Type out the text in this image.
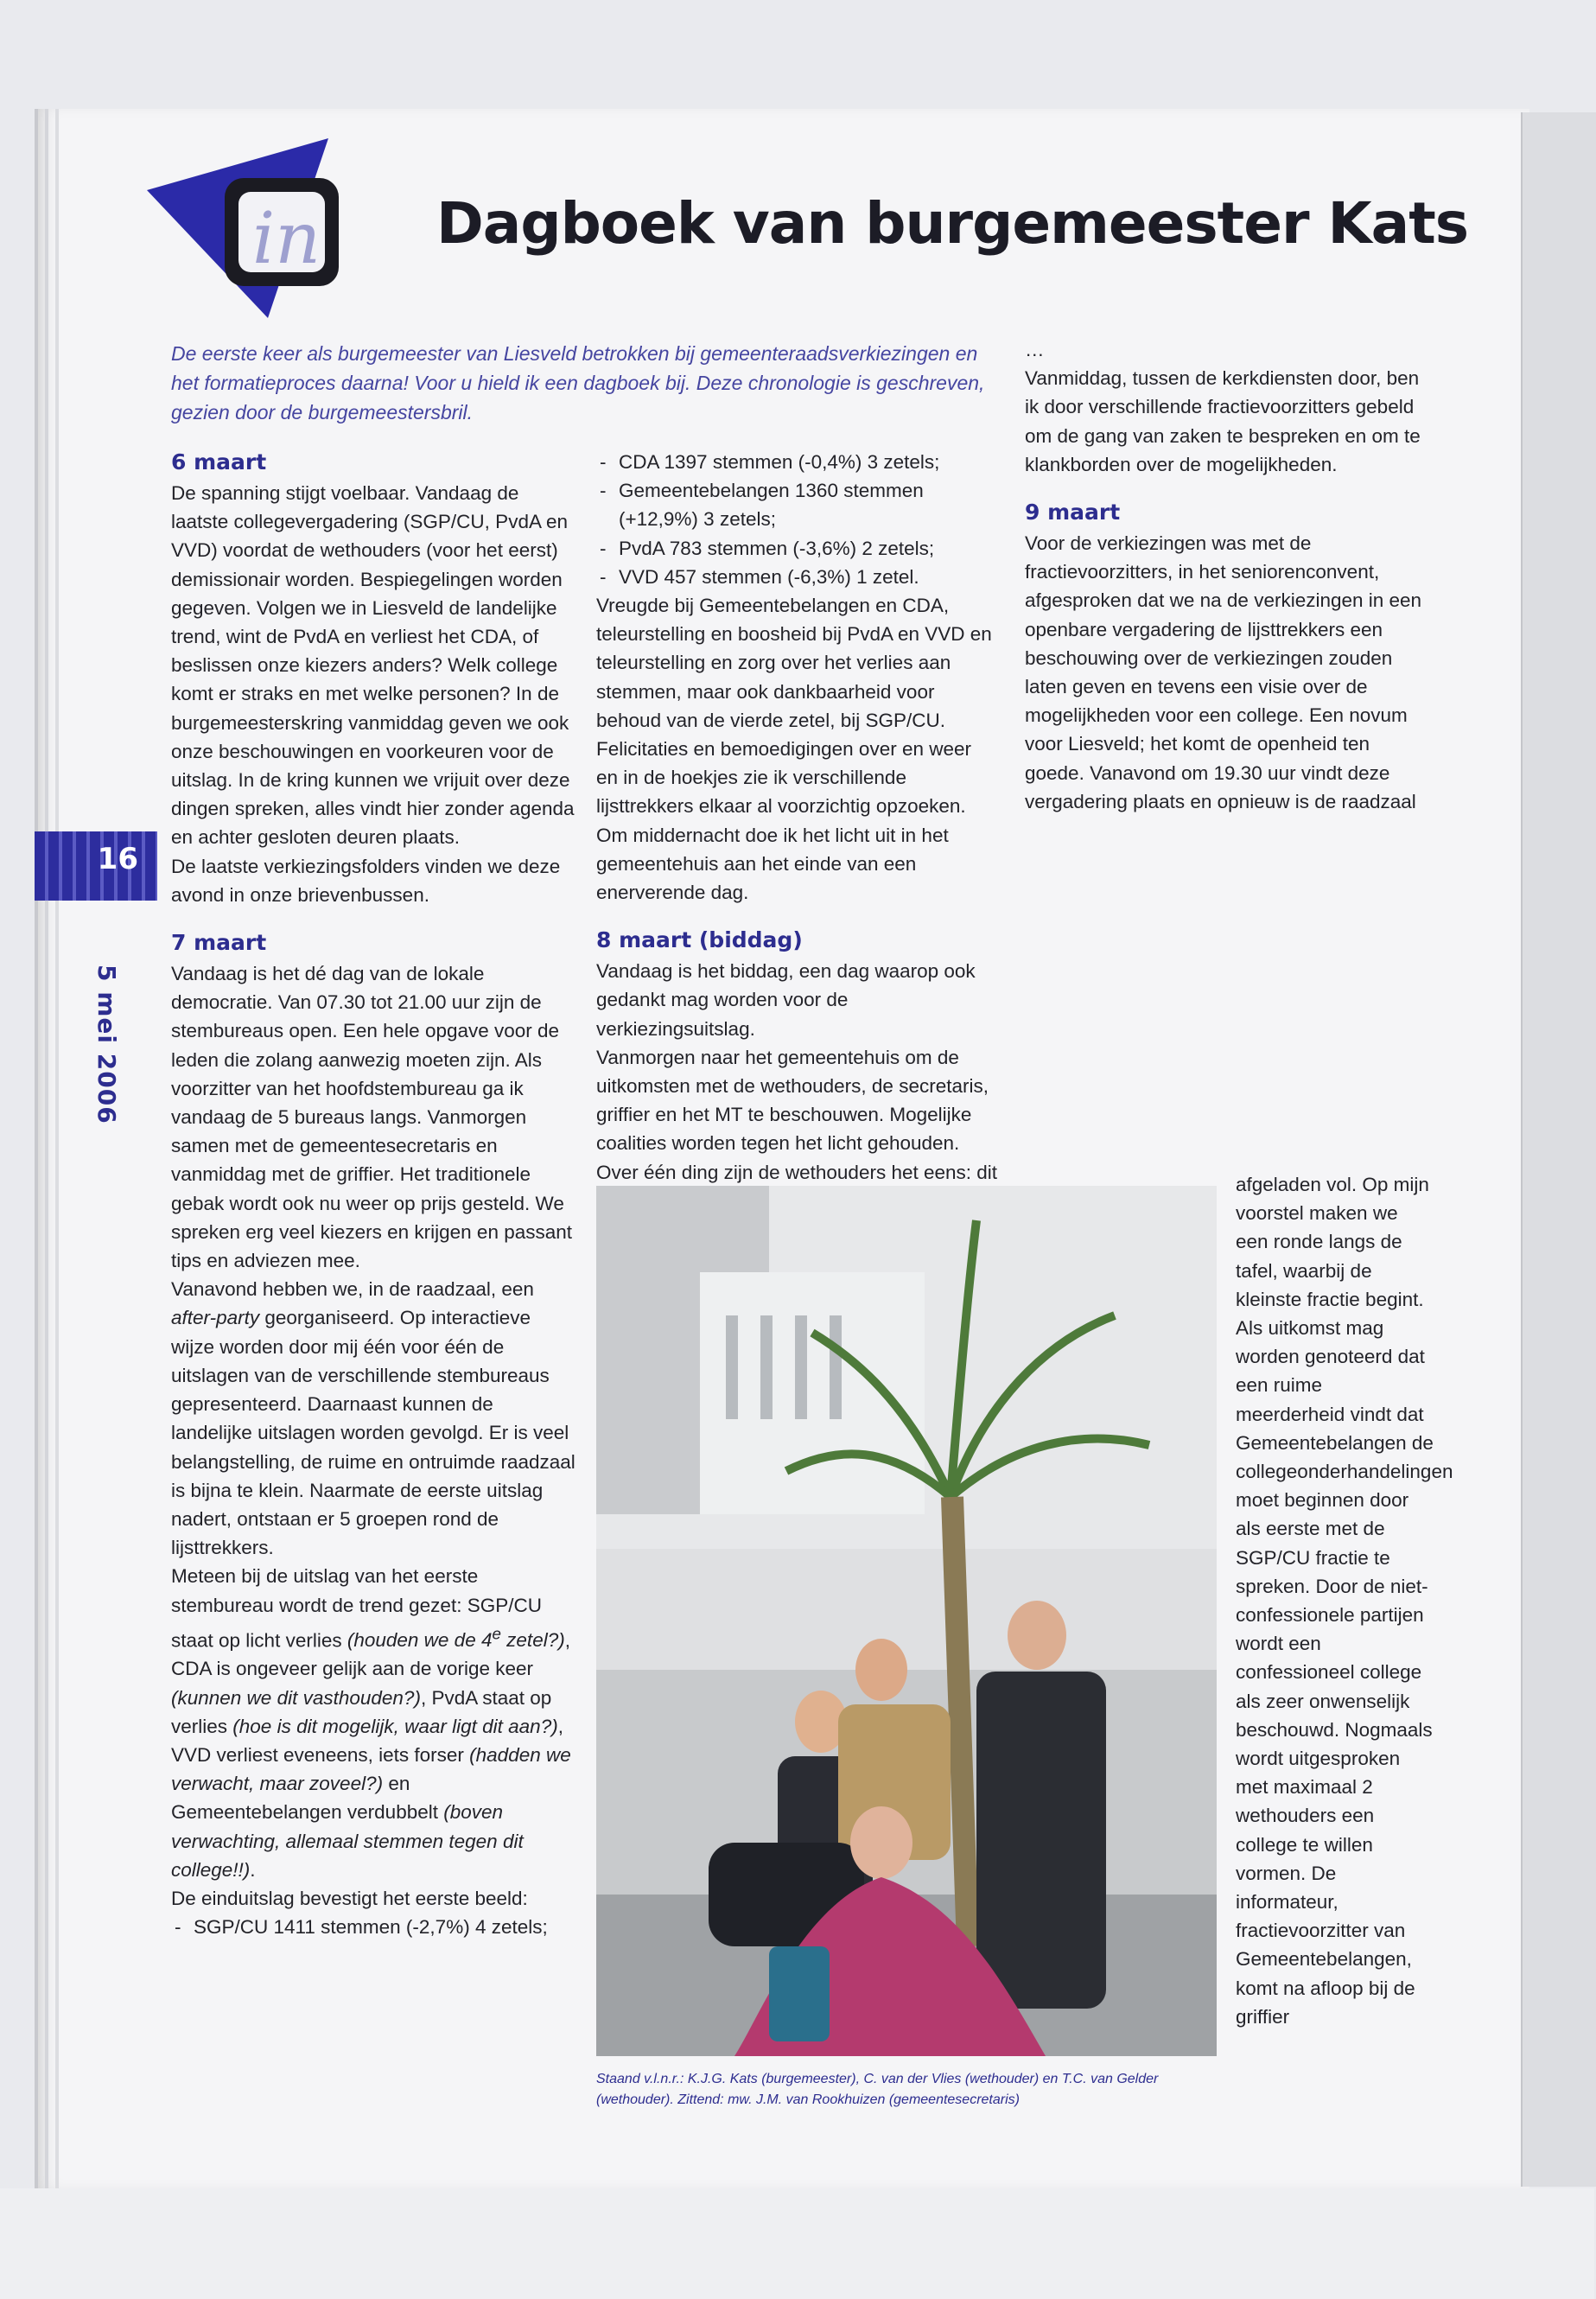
in Dagboek van burgemeester Kats
De eerste keer als burgemeester van Liesveld betrokken bij gemeenteraadsverkiezingen en het formatieproces daarna! Voor u hield ik een dagboek bij. Deze chronologie is geschreven, gezien door de burgemeestersbril.
16
5 mei 2006
6 maart

De spanning stijgt voelbaar. Vandaag de laatste collegevergadering (SGP/CU, PvdA en VVD) voordat de wethouders (voor het eerst) demissionair worden. Bespiegelingen worden gegeven. Volgen we in Liesveld de landelijke trend, wint de PvdA en verliest het CDA, of beslissen onze kiezers anders? Welk college komt er straks en met welke personen? In de burgemeesterskring vanmiddag geven we ook onze beschouwingen en voorkeuren voor de uitslag. In de kring kunnen we vrijuit over deze dingen spreken, alles vindt hier zonder agenda en achter gesloten deuren plaats.

De laatste verkiezingsfolders vinden we deze avond in onze brievenbussen.

7 maart

Vandaag is het dé dag van de lokale democratie. Van 07.30 tot 21.00 uur zijn de stembureaus open. Een hele opgave voor de leden die zolang aanwezig moeten zijn. Als voorzitter van het hoofdstembureau ga ik vandaag de 5 bureaus langs. Vanmorgen samen met de gemeentesecretaris en vanmiddag met de griffier. Het traditionele gebak wordt ook nu weer op prijs gesteld. We spreken erg veel kiezers en krijgen en passant tips en adviezen mee.

Vanavond hebben we, in de raadzaal, een after-party georganiseerd. Op interactieve wijze worden door mij één voor één de uitslagen van de verschillende stembureaus gepresenteerd. Daarnaast kunnen de landelijke uitslagen worden gevolgd. Er is veel belangstelling, de ruime en ontruimde raadzaal is bijna te klein. Naarmate de eerste uitslag nadert, ontstaan er 5 groepen rond de lijsttrekkers.

Meteen bij de uitslag van het eerste stembureau wordt de trend gezet: SGP/CU staat op licht verlies (houden we de 4e zetel?), CDA is ongeveer gelijk aan de vorige keer (kunnen we dit vasthouden?), PvdA staat op verlies (hoe is dit mogelijk, waar ligt dit aan?), VVD verliest eveneens, iets forser (hadden we verwacht, maar zoveel?) en Gemeentebelangen verdubbelt (boven verwachting, allemaal stemmen tegen dit college!!).

De einduitslag bevestigt het eerste beeld:

- SGP/CU 1411 stemmen (-2,7%) 4 zetels;
- CDA 1397 stemmen (-0,4%) 3 zetels;
- Gemeentebelangen 1360 stemmen (+12,9%) 3 zetels;
- PvdA 783 stemmen (-3,6%) 2 zetels;
- VVD 457 stemmen (-6,3%) 1 zetel.

Vreugde bij Gemeentebelangen en CDA, teleurstelling en boosheid bij PvdA en VVD en teleurstelling en zorg over het verlies aan stemmen, maar ook dankbaarheid voor behoud van de vierde zetel, bij SGP/CU.

Felicitaties en bemoedigingen over en weer en in de hoekjes zie ik verschillende lijsttrekkers elkaar al voorzichtig opzoeken. Om middernacht doe ik het licht uit in het gemeentehuis aan het einde van een enerverende dag.

8 maart (biddag)

Vandaag is het biddag, een dag waarop ook gedankt mag worden voor de verkiezingsuitslag.

Vanmorgen naar het gemeentehuis om de uitkomsten met de wethouders, de secretaris, griffier en het MT te beschouwen. Mogelijke coalities worden tegen het licht gehouden. Over één ding zijn de wethouders het eens: dit

…

Vanmiddag, tussen de kerkdiensten door, ben ik door verschillende fractievoorzitters gebeld om de gang van zaken te bespreken en om te klankborden over de mogelijkheden.

9 maart

Voor de verkiezingen was met de fractievoorzitters, in het seniorenconvent, afgesproken dat we na de verkiezingen in een openbare vergadering de lijsttrekkers een beschouwing over de verkiezingen zouden laten geven en tevens een visie over de mogelijkheden voor een college. Een novum voor Liesveld; het komt de openheid ten goede. Vanavond om 19.30 uur vindt deze vergadering plaats en opnieuw is de raadzaal

afgeladen vol. Op mijn voorstel maken we een ronde langs de tafel, waarbij de kleinste fractie begint. Als uitkomst mag worden genoteerd dat een ruime meerderheid vindt dat Gemeentebelangen de collegeonderhandelingen moet beginnen door als eerste met de SGP/CU fractie te spreken. Door de niet-confessionele partijen wordt een confessioneel college als zeer onwenselijk beschouwd. Nogmaals wordt uitgesproken met maximaal 2 wethouders een college te willen vormen. De informateur, fractievoorzitter van Gemeentebelangen, komt na afloop bij de griffier

Staand v.l.n.r.: K.J.G. Kats (burgemeester), C. van der Vlies (wethouder) en T.C. van Gelder (wethouder). Zittend: mw. J.M. van Rookhuizen (gemeentesecretaris)
